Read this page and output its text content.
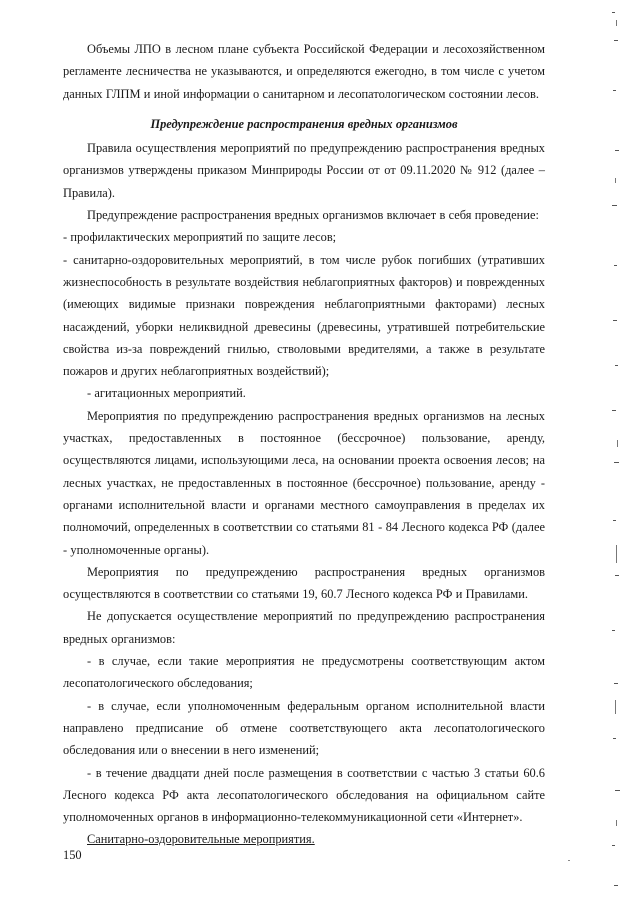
Объемы ЛПО в лесном плане субъекта Российской Федерации и лесохозяйственном регламенте лесничества не указываются, и определяются ежегодно, в том числе с учетом данных ГЛПМ и иной информации о санитарном и лесопатологическом состоянии лесов.

Предупреждение распространения вредных организмов

Правила осуществления мероприятий по предупреждению распространения вредных организмов утверждены приказом Минприроды России от от 09.11.2020 № 912 (далее – Правила).

Предупреждение распространения вредных организмов включает в себя проведение:

- профилактических мероприятий по защите лесов;

- санитарно-оздоровительных мероприятий, в том числе рубок погибших (утративших жизнеспособность в результате воздействия неблагоприятных факторов) и поврежденных (имеющих видимые признаки повреждения неблагоприятными факторами) лесных насаждений, уборки неликвидной древесины (древесины, утратившей потребительские свойства из-за повреждений гнилью, стволовыми вредителями, а также в результате пожаров и других неблагоприятных воздействий);

- агитационных мероприятий.

Мероприятия по предупреждению распространения вредных организмов на лесных участках, предоставленных в постоянное (бессрочное) пользование, аренду, осуществляются лицами, использующими леса, на основании проекта освоения лесов; на лесных участках, не предоставленных в постоянное (бессрочное) пользование, аренду - органами исполнительной власти и органами местного самоуправления в пределах их полномочий, определенных в соответствии со статьями 81 - 84 Лесного кодекса РФ (далее - уполномоченные органы).

Мероприятия по предупреждению распространения вредных организмов осуществляются в соответствии со статьями 19, 60.7 Лесного кодекса РФ и Правилами.

Не допускается осуществление мероприятий по предупреждению распространения вредных организмов:

- в случае, если такие мероприятия не предусмотрены соответствующим актом лесопатологического обследования;

- в случае, если уполномоченным федеральным органом исполнительной власти направлено предписание об отмене соответствующего акта лесопатологического обследования или о внесении в него изменений;

- в течение двадцати дней после размещения в соответствии с частью 3 статьи 60.6 Лесного кодекса РФ акта лесопатологического обследования на официальном сайте уполномоченных органов в информационно-телекоммуникационной сети «Интернет».

Санитарно-оздоровительные мероприятия.

150
